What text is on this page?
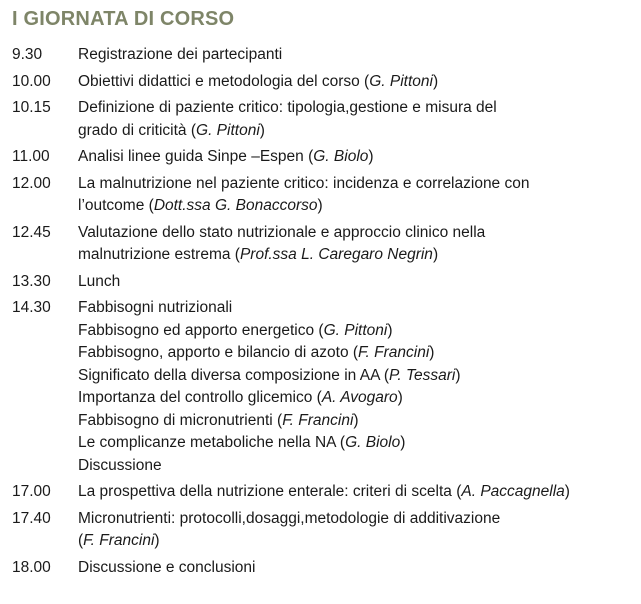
I GIORNATA DI CORSO
9.30	Registrazione dei partecipanti
10.00	Obiettivi didattici e metodologia del corso (G. Pittoni)
10.15	Definizione di paziente critico: tipologia,gestione e misura del
grado di criticità (G. Pittoni)
11.00	Analisi linee guida Sinpe –Espen (G. Biolo)
12.00	La malnutrizione nel paziente critico: incidenza e correlazione con
l’outcome (Dott.ssa G. Bonaccorso)
12.45	Valutazione dello stato nutrizionale e approccio clinico nella
malnutrizione estrema (Prof.ssa L. Caregaro Negrin)
13.30	Lunch
14.30	Fabbisogni nutrizionali
Fabbisogno ed apporto energetico (G. Pittoni)
Fabbisogno, apporto e bilancio di azoto (F. Francini)
Significato della diversa composizione in AA (P. Tessari)
Importanza del controllo glicemico (A. Avogaro)
Fabbisogno di micronutrienti (F. Francini)
Le complicanze metaboliche nella NA (G. Biolo)
Discussione
17.00	La prospettiva della nutrizione enterale: criteri di scelta (A. Paccagnella)
17.40	Micronutrienti: protocolli,dosaggi,metodologie di additivazione
(F. Francini)
18.00	Discussione e conclusioni
